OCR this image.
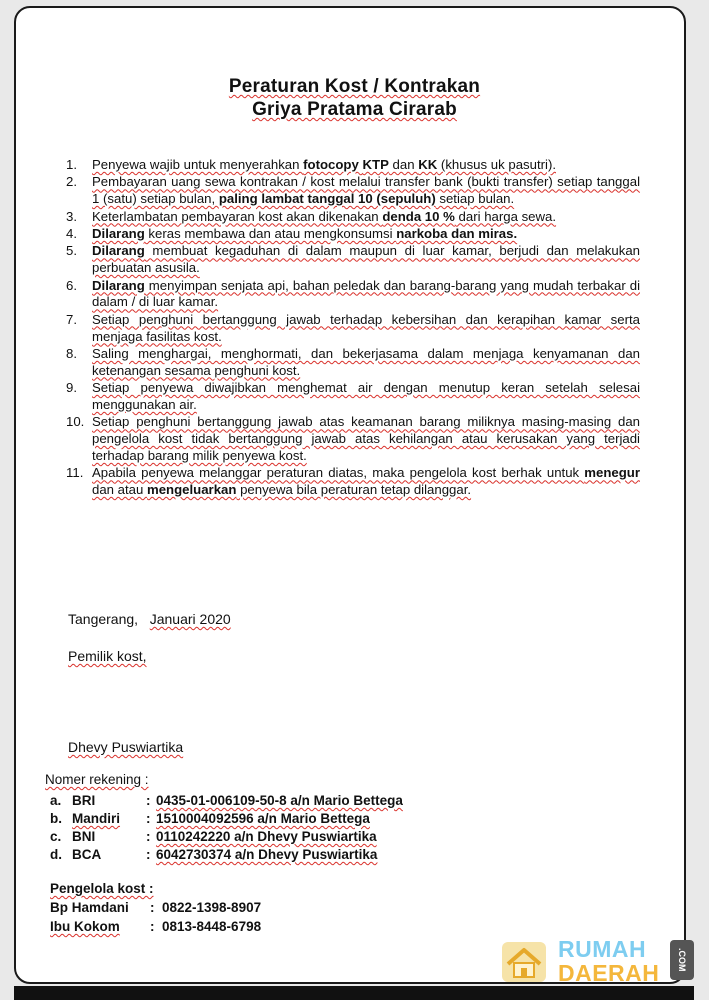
Peraturan Kost / Kontrakan
Griya Pratama Cirarab
1. Penyewa wajib untuk menyerahkan fotocopy KTP dan KK (khusus uk pasutri).
2. Pembayaran uang sewa kontrakan / kost melalui transfer bank (bukti transfer) setiap tanggal 1 (satu) setiap bulan, paling lambat tanggal 10 (sepuluh) setiap bulan.
3. Keterlambatan pembayaran kost akan dikenakan denda 10 % dari harga sewa.
4. Dilarang keras membawa dan atau mengkonsumsi narkoba dan miras.
5. Dilarang membuat kegaduhan di dalam maupun di luar kamar, berjudi dan melakukan perbuatan asusila.
6. Dilarang menyimpan senjata api, bahan peledak dan barang-barang yang mudah terbakar di dalam / di luar kamar.
7. Setiap penghuni bertanggung jawab terhadap kebersihan dan kerapihan kamar serta menjaga fasilitas kost.
8. Saling menghargai, menghormati, dan bekerjasama dalam menjaga kenyamanan dan ketenangan sesama penghuni kost.
9. Setiap penyewa diwajibkan menghemat air dengan menutup keran setelah selesai menggunakan air.
10. Setiap penghuni bertanggung jawab atas keamanan barang miliknya masing-masing dan pengelola kost tidak bertanggung jawab atas kehilangan atau kerusakan yang terjadi terhadap barang milik penyewa kost.
11. Apabila penyewa melanggar peraturan diatas, maka pengelola kost berhak untuk menegur dan atau mengeluarkan penyewa bila peraturan tetap dilanggar.
Tangerang, Januari 2020
Pemilik kost,
Dhevy Puswiartika
Nomer rekening :
a. BRI	: 0435-01-006109-50-8 a/n Mario Bettega
b. Mandiri : 1510004092596 a/n Mario Bettega
c. BNI	: 0110242220 a/n Dhevy Puswiartika
d. BCA	: 6042730374 a/n Dhevy Puswiartika
Pengelola kost :
Bp Hamdani : 0822-1398-8907
Ibu Kokom : 0813-8448-6798
RUMAH
DAERAH	.COM
